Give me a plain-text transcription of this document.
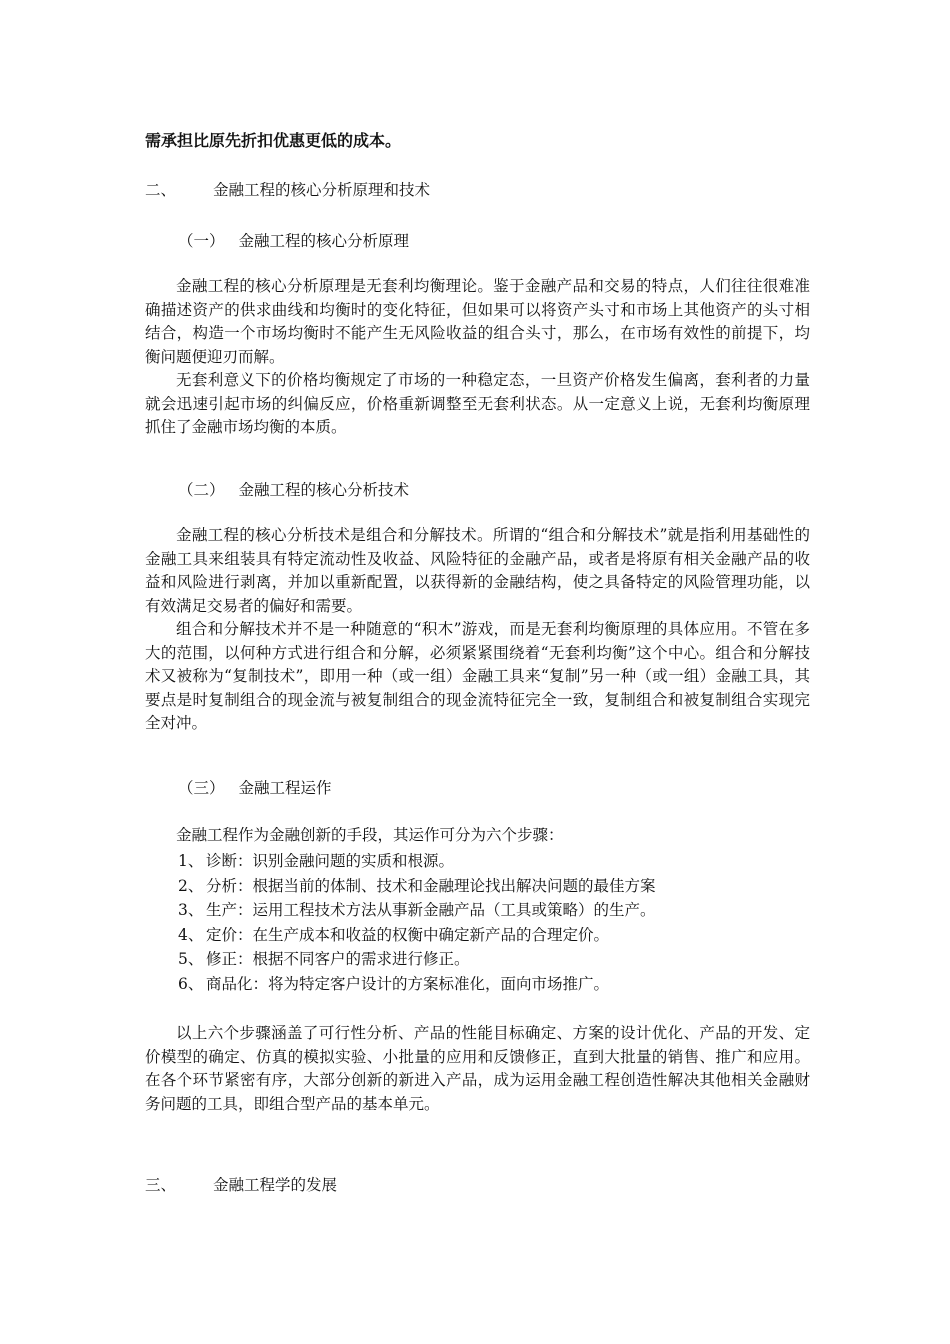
需承担比原先折扣优惠更低的成本。
二、	金融工程的核心分析原理和技术
（一） 金融工程的核心分析原理

金融工程的核心分析原理是无套利均衡理论。鉴于金融产品和交易的特点，人们往往很难准确描述资产的供求曲线和均衡时的变化特征，但如果可以将资产头寸和市场上其他资产的头寸相结合，构造一个市场均衡时不能产生无风险收益的组合头寸，那么，在市场有效性的前提下，均衡问题便迎刃而解。

无套利意义下的价格均衡规定了市场的一种稳定态，一旦资产价格发生偏离，套利者的力量就会迅速引起市场的纠偏反应，价格重新调整至无套利状态。从一定意义上说，无套利均衡原理抓住了金融市场均衡的本质。

（二） 金融工程的核心分析技术

金融工程的核心分析技术是组合和分解技术。所谓的“组合和分解技术”就是指利用基础性的金融工具来组装具有特定流动性及收益、风险特征的金融产品，或者是将原有相关金融产品的收益和风险进行剥离，并加以重新配置，以获得新的金融结构，使之具备特定的风险管理功能，以有效满足交易者的偏好和需要。

组合和分解技术并不是一种随意的“积木”游戏，而是无套利均衡原理的具体应用。不管在多大的范围，以何种方式进行组合和分解，必须紧紧围绕着“无套利均衡”这个中心。组合和分解技术又被称为“复制技术”，即用一种（或一组）金融工具来“复制”另一种（或一组）金融工具，其要点是时复制组合的现金流与被复制组合的现金流特征完全一致，复制组合和被复制组合实现完全对冲。

（三） 金融工程运作

金融工程作为金融创新的手段，其运作可分为六个步骤：

1、 诊断：识别金融问题的实质和根源。
2、 分析：根据当前的体制、技术和金融理论找出解决问题的最佳方案
3、 生产：运用工程技术方法从事新金融产品（工具或策略）的生产。
4、 定价：在生产成本和收益的权衡中确定新产品的合理定价。
5、 修正：根据不同客户的需求进行修正。
6、 商品化：将为特定客户设计的方案标准化，面向市场推广。

以上六个步骤涵盖了可行性分析、产品的性能目标确定、方案的设计优化、产品的开发、定价模型的确定、仿真的模拟实验、小批量的应用和反馈修正，直到大批量的销售、推广和应用。在各个环节紧密有序，大部分创新的新进入产品，成为运用金融工程创造性解决其他相关金融财务问题的工具，即组合型产品的基本单元。

三、	金融工程学的发展
